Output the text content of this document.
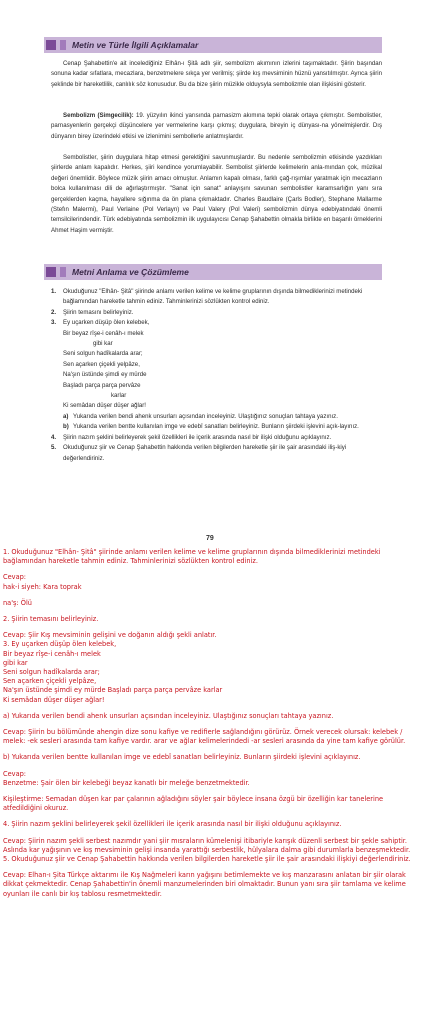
Metin ve Türle İlgili Açıklamalar
Cenap Şahabettin'e ait incelediğiniz Elhân-ı Şitâ adlı şiir, sembolizm akımının izlerini taşımaktadır. Şiirin başından sonuna kadar sıfatlara, mecazlara, benzetmelere sıkça yer verilmiş; şiirde kış mevsiminin hüznü yansıtılmıştır. Ayrıca şiirin şeklinde bir hareketlilik, canlılık söz konusudur. Bu da bize şiirin müzikle olduysyla sembolizmle olan ilişkisini gösterir.
Sembolizm (Simgecilik): 19. yüzyılın ikinci yarısında parnasizm akımına tepki olarak ortaya çıkmıştır. Sembolistler, parnasyenlerin gerçekçi düşüncelere yer vermelerine karşı çıkmış; duygulara, bireyin iç dünyası-na yönelmişlerdir. Dış dünyanın birey üzerindeki etkisi ve izlenimini sembollerle anlatmışlardır.
Sembolistler, şiirin duygulara hitap etmesi gerektiğini savunmuşlardır. Bu nedenle sembolizmin etkisinde yazdıkları şiirlerde anlam kapalıdır. Herkes, şiiri kendince yorumlayabilir. Sembolist şiirlerde kelimelerin anla-mından çok, müzikal değeri önemlidir. Böylece müzik şiirin amacı olmuştur. Anlamın kapalı olması, farklı çağ-rışımlar yaratmak için mecazların bolca kullanılması dili de ağırlaştırmıştır. "Sanat için sanat" anlayışını savunan sembolistler karamsarlığın yanı sıra gerçeklerden kaçma, hayallere sığınma da ön plana çıkmaktadır. Charles Baudlaire (Çarls Bodler), Stephane Mallarme (Stefın Malermi), Paul Verlaine (Pol Verlayn) ve Paul Valery (Pol Valeri) sembolizmin dünya edebiyatındaki önemli temsilcilerindendir. Türk edebiyatında sembolizmin ilk uygulayıcısı Cenap Şahabettin olmakla birlikte en başarılı örneklerini Ahmet Haşim vermiştir.
Metni Anlama ve Çözümleme
1.	Okuduğunuz "Elhân- Şitâ" şiirinde anlamı verilen kelime ve kelime gruplarının dışında bilmediklerinizi metindeki bağlamından hareketle tahmin ediniz. Tahminlerinizi sözlükten kontrol ediniz.
2.	Şiirin temasını belirleyiniz.
3.	Ey uçarken düşüp ölen kelebek,
Bir beyaz rîşe-i cenâh-ı melek
gibi kar
Seni solgun hadîkalarda arar;
Sen açarken çiçekli yelpâze,
Na'şın üstünde şimdi ey mürde
Başladı parça parça pervâze
karlar
Ki semâdan düşer düşer ağlar!
a) Yukarıda verilen bendi ahenk unsurları açısından inceleyiniz. Ulaştığınız sonuçları tahtaya yazınız.
b) Yukarıda verilen bentte kullanılan imge ve edebî sanatları belirleyiniz. Bunların şiirdeki işlevini açık-layınız.
4.	Şiirin nazım şeklini belirleyerek şekil özellikleri ile içerik arasında nasıl bir ilişki olduğunu açıklayınız.
5.	Okuduğunuz şiir ve Cenap Şahabettin hakkında verilen bilgilerden hareketle şiir ile şair arasındaki iliş-kiyi değerlendiriniz.
79

1. Okuduğunuz "Elhân- Şitâ" şiirinde anlamı verilen kelime ve kelime gruplarının dışında bilmediklerinizi metindeki bağlamından hareketle tahmin ediniz. Tahminlerinizi sözlükten kontrol ediniz.

Cevap:
hak-i siyeh: Kara toprak

na'ş: Ölü

2. Şiirin temasını belirleyiniz.

Cevap: Şiir Kış mevsiminin gelişini ve doğanın aldığı şekli anlatır.
3. Ey uçarken düşüp ölen kelebek,
Bir beyaz rîşe-i cenâh-ı melek
gibi kar
Seni solgun hadîkalarda arar;
Sen açarken çiçekli yelpâze,
Na'şın üstünde şimdi ey mürde Başladı parça parça pervâze karlar
Ki semâdan düşer düşer ağlar!

a) Yukarıda verilen bendi ahenk unsurları açısından inceleyiniz. Ulaştığınız sonuçları tahtaya yazınız.

Cevap: Şiirin bu bölümünde ahengin dize sonu kafiye ve redifierle sağlandığını görürüz. Örnek verecek olursak: kelebek / melek: -ek sesleri arasında tam kafiye vardır. arar ve ağlar kelimelerindedi -ar sesleri arasında da yine tam kafiye görülür.

b) Yukarıda verilen bentte kullanılan imge ve edebî sanatları belirleyiniz. Bunların şiirdeki işlevini açıklayınız.

Cevap:
Benzetme: Şair ölen bir kelebeği beyaz kanatlı bir meleğe benzetmektedir.

Kişileştirme: Semadan düşen kar par çalarının ağladığını söyler şair böylece insana özgü bir özelliğin kar tanelerine atfedildiğini okuruz.

4. Şiirin nazım şeklini belirleyerek şekil özellikleri ile içerik arasında nasıl bir ilişki olduğunu açıklayınız.

Cevap: Şiirin nazım şekli serbest nazımdır yani şiir mısraların kümelenişi itibariyle karışık düzenli serbest bir şekle sahiptir. Aslında kar yağışının ve kış mevsiminin gelişi insanda yarattığı serbestlik, hülyalara dalma gibi durumlarla benzeşmektedir.
5. Okuduğunuz şiir ve Cenap Şahabettin hakkında verilen bilgilerden hareketle şiir ile şair arasındaki ilişkiyi değerlendiriniz.

Cevap: Elhan-ı Şita Türkçe aktarımı ile Kış Nağmeleri karın yağışını betimlemekte ve kış manzarasını anlatan bir şiir olarak dikkat çekmektedir. Cenap Şahabettin'in önemli manzumelerinden biri olmaktadır. Bunun yanı sıra şiir tamlama ve kelime oyunları ile canlı bir kış tablosu resmetmektedir.
